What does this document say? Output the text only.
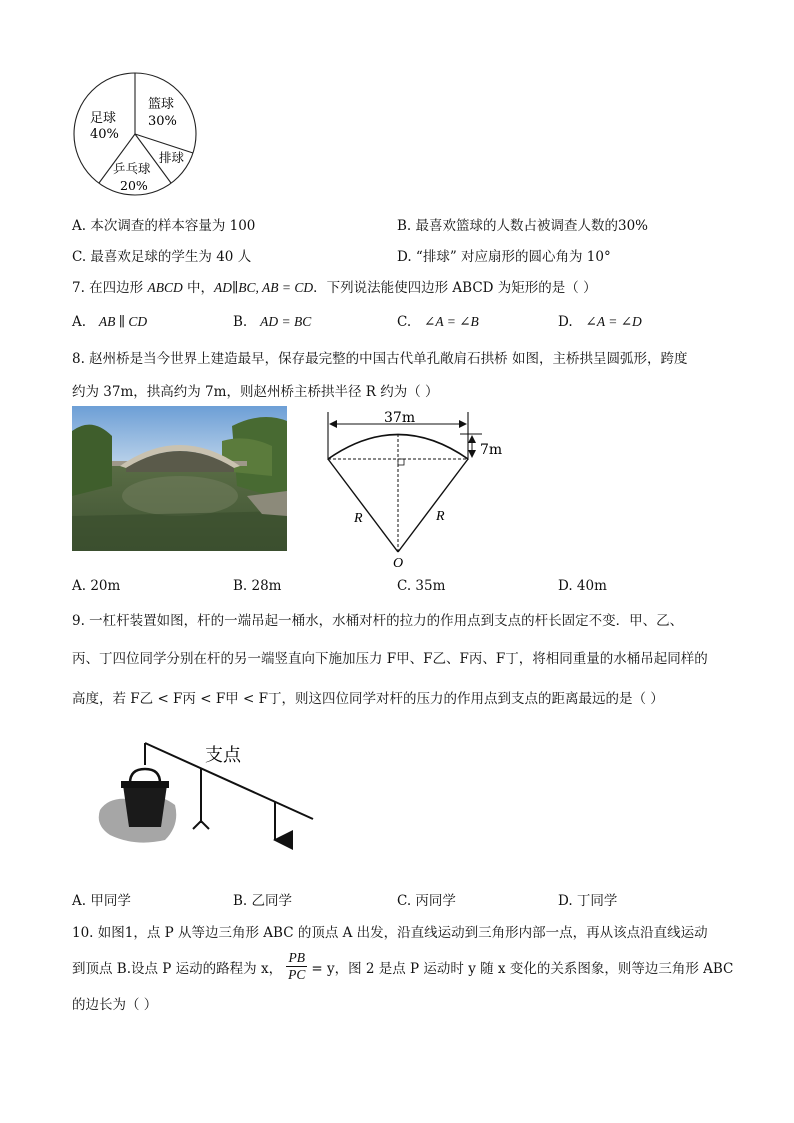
足球
40%
篮球
30%
排球
乒乓球
20%
A. 本次调查的样本容量为 100	B. 最喜欢篮球的人数占被调查人数的30%
C. 最喜欢足球的学生为 40 人	D. “排球” 对应扇形的圆心角为 10°
7. 在四边形 ABCD 中，AD∥BC, AB = CD．下列说法能使四边形 ABCD 为矩形的是（ ）
A. AB ∥ CD	B. AD = BC	C. ∠A = ∠B	D. ∠A = ∠D
8. 赵州桥是当今世界上建造最早，保存最完整的中国古代单孔敞肩石拱桥 如图，主桥拱呈圆弧形，跨度
约为 37m，拱高约为 7m，则赵州桥主桥拱半径 R 约为（ ）
37m
7m
R	R
O
A. 20m	B. 28m	C. 35m	D. 40m
9. 一杠杆装置如图，杆的一端吊起一桶水，水桶对杆的拉力的作用点到支点的杆长固定不变．甲、乙、
丙、丁四位同学分别在杆的另一端竖直向下施加压力 F甲、F乙、F丙、F丁，将相同重量的水桶吊起同样的
高度，若 F乙 < F丙 < F甲 < F丁，则这四位同学对杆的压力的作用点到支点的距离最远的是（ ）
支点
A. 甲同学	B. 乙同学	C. 丙同学	D. 丁同学
10. 如图1，点 P 从等边三角形 ABC 的顶点 A 出发，沿直线运动到三角形内部一点，再从该点沿直线运动
到顶点 B.设点 P 运动的路程为 x， $\frac{PB}{PC} = y$，图 2 是点 P 运动时 y 随 x 变化的关系图象，则等边三角形 ABC
的边长为（ ）
